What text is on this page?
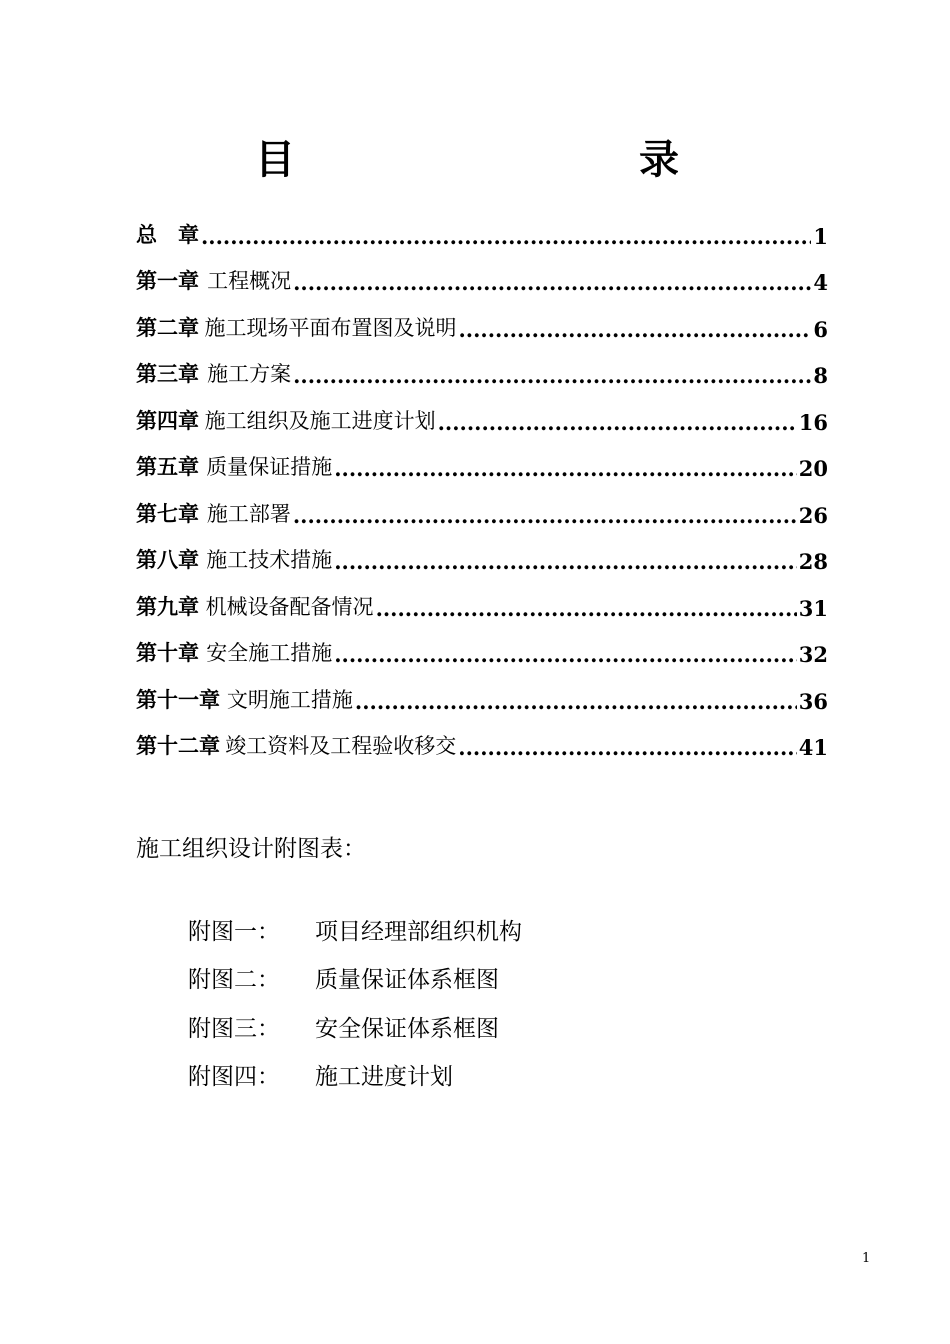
目　　录
总　章 .....	1
第一章 工程概况 .....	4
第二章 施工现场平面布置图及说明 .....	6
第三章 施工方案 .....	8
第四章 施工组织及施工进度计划 .....	16
第五章 质量保证措施 .....	20
第七章 施工部署 .....	26
第八章 施工技术措施 .....	28
第九章 机械设备配备情况 .....	31
第十章 安全施工措施 .....	32
第十一章 文明施工措施 .....	36
第十二章 竣工资料及工程验收移交 .....	41
施工组织设计附图表：
附图一：	项目经理部组织机构
附图二：	质量保证体系框图
附图三：	安全保证体系框图
附图四：	施工进度计划
1
